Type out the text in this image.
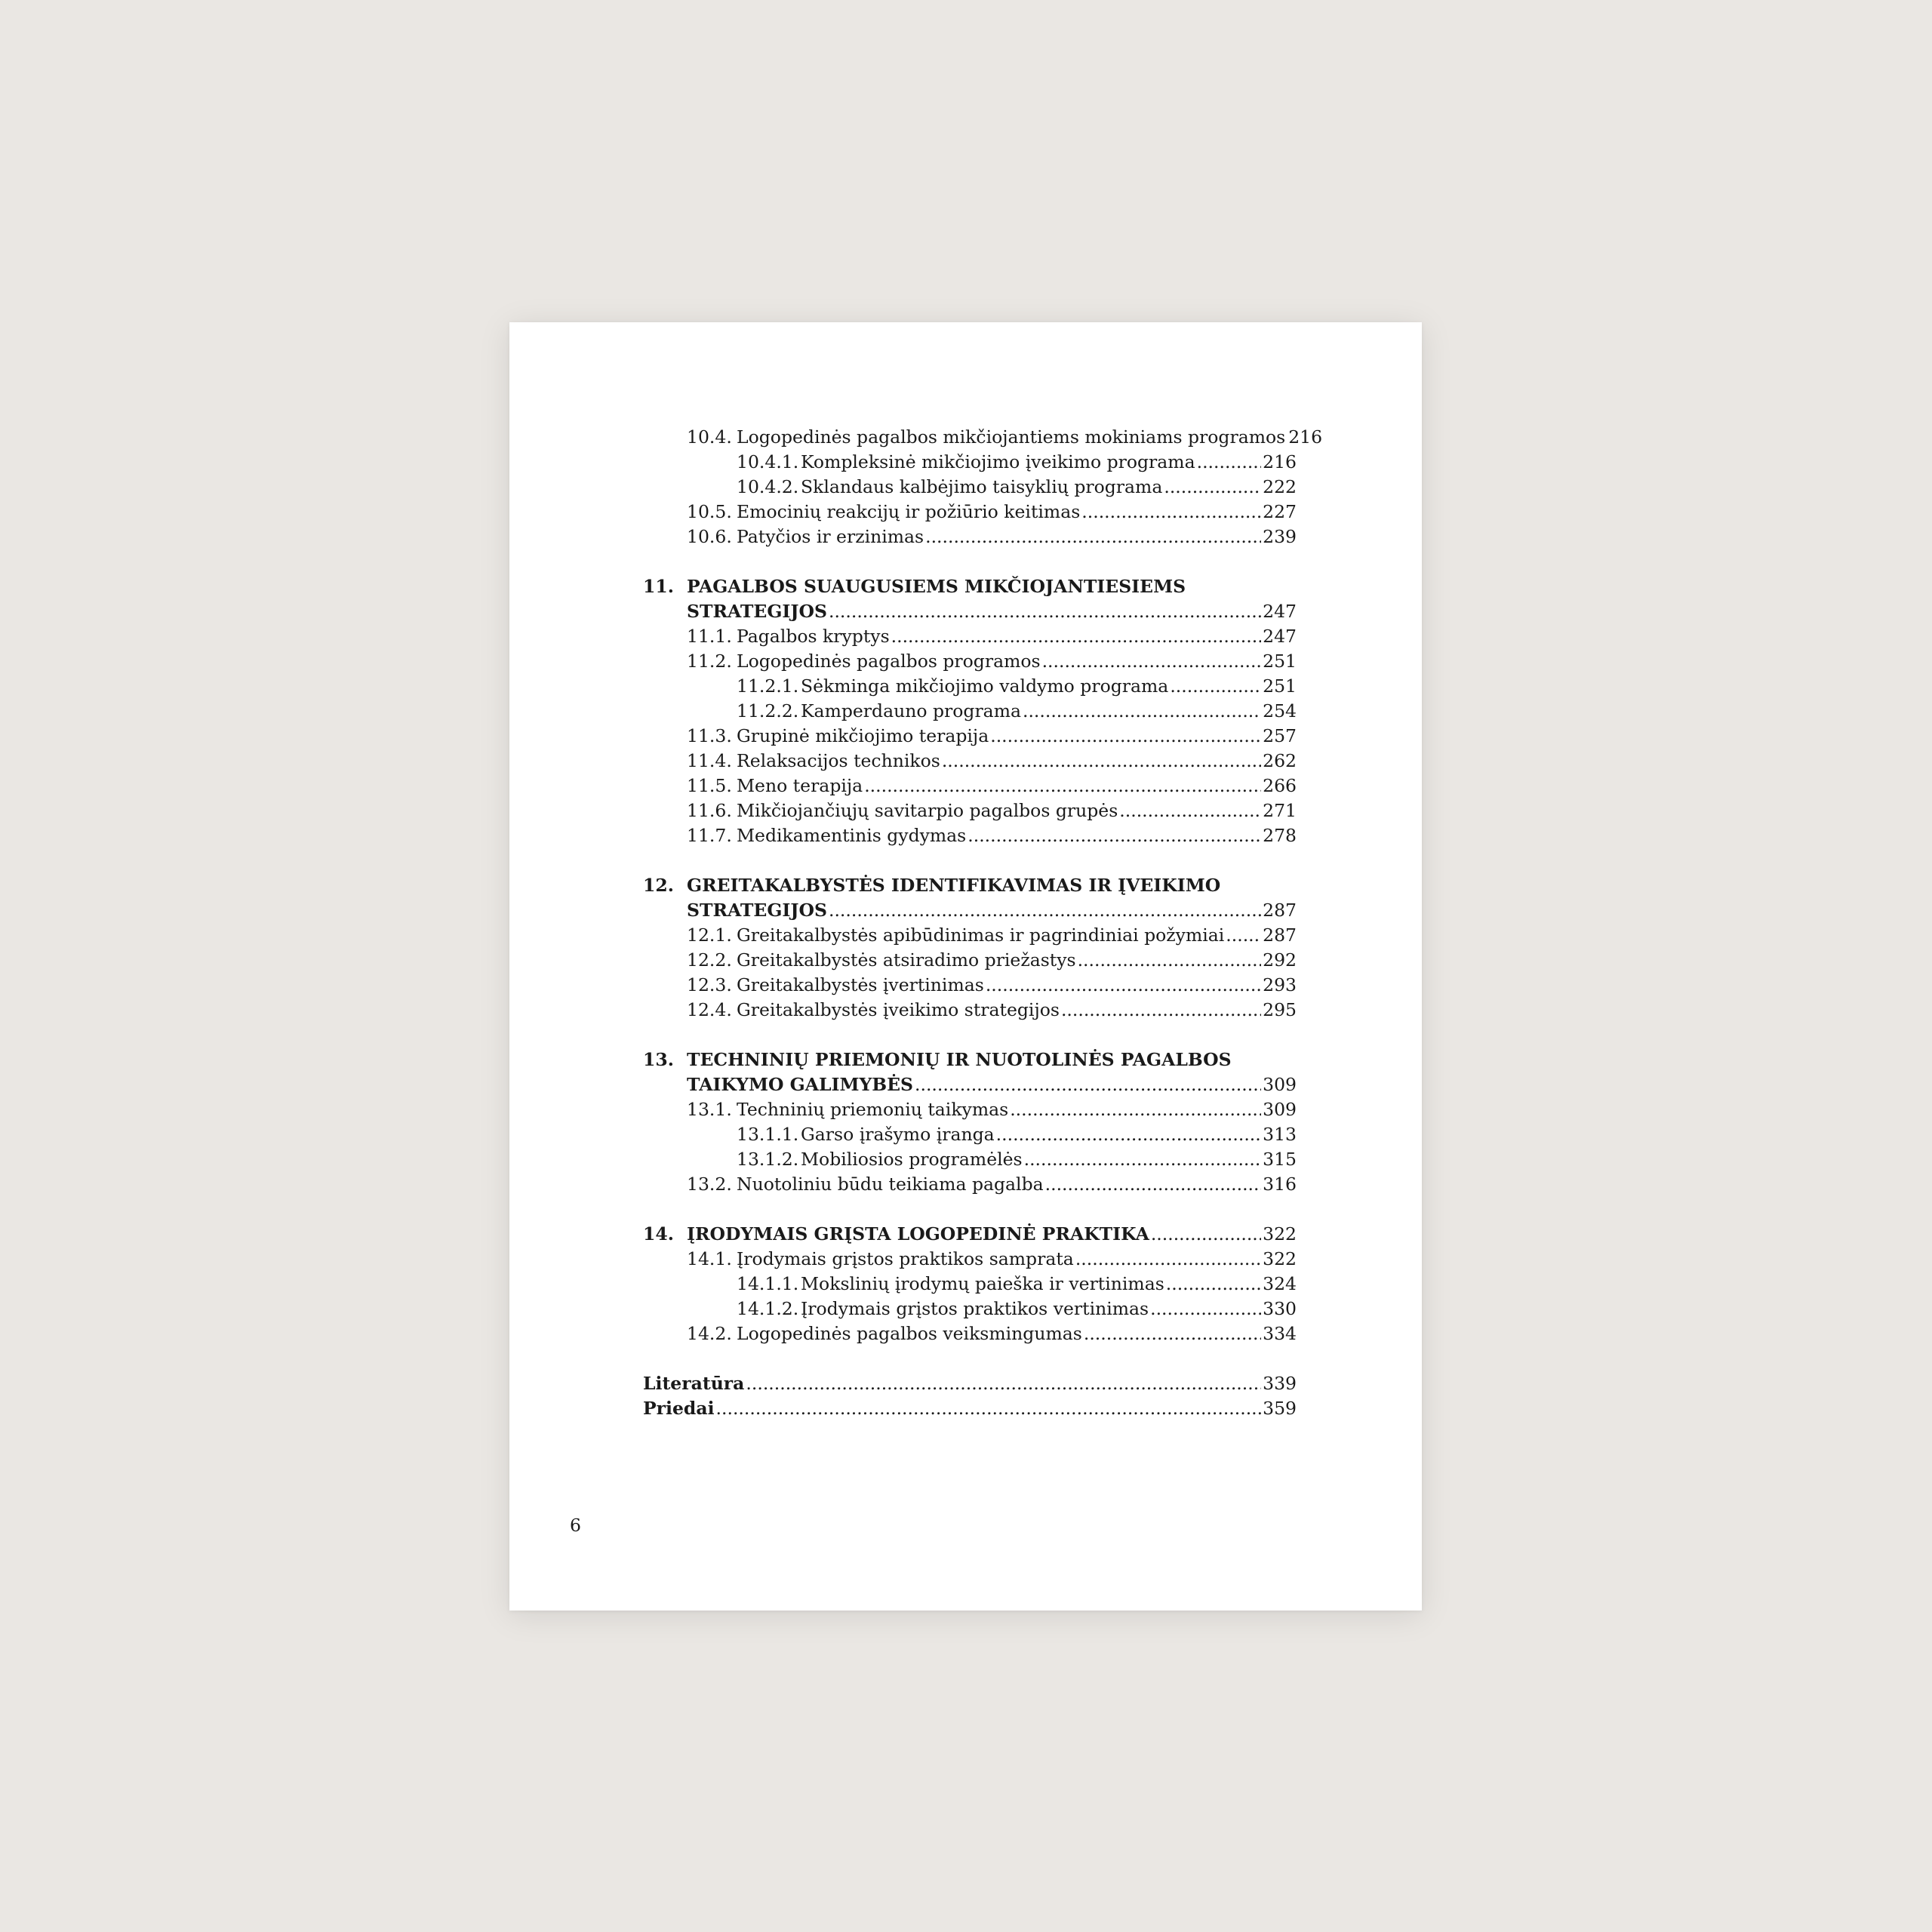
10.4. Logopedinės pagalbos mikčiojantiems mokiniams programos 216
10.4.1. Kompleksinė mikčiojimo įveikimo programa .....	216
10.4.2. Sklandaus kalbėjimo taisyklių programa .....	222
10.5. Emocinių reakcijų ir požiūrio keitimas .....	227
10.6. Patyčios ir erzinimas .....	239
11. PAGALBOS SUAUGUSIEMS MIKČIOJANTIESIEMS
STRATEGIJOS .....	247
11.1. Pagalbos kryptys .....	247
11.2. Logopedinės pagalbos programos .....	251
11.2.1. Sėkminga mikčiojimo valdymo programa .....	251
11.2.2. Kamperdauno programa .....	254
11.3. Grupinė mikčiojimo terapija .....	257
11.4. Relaksacijos technikos .....	262
11.5. Meno terapija .....	266
11.6. Mikčiojančiųjų savitarpio pagalbos grupės .....	271
11.7. Medikamentinis gydymas .....	278
12. GREITAKALBYSTĖS IDENTIFIKAVIMAS IR ĮVEIKIMO
STRATEGIJOS .....	287
12.1. Greitakalbystės apibūdinimas ir pagrindiniai požymiai ..... 287
12.2. Greitakalbystės atsiradimo priežastys .....	292
12.3. Greitakalbystės įvertinimas .....	293
12.4. Greitakalbystės įveikimo strategijos .....	295
13. TECHNINIŲ PRIEMONIŲ IR NUOTOLINĖS PAGALBOS
TAIKYMO GALIMYBĖS .....	309
13.1. Techninių priemonių taikymas .....	309
13.1.1. Garso įrašymo įranga .....	313
13.1.2. Mobiliosios programėlės .....	315
13.2. Nuotoliniu būdu teikiama pagalba .....	316
14. ĮRODYMAIS GRĮSTA LOGOPEDINĖ PRAKTIKA .....	322
14.1. Įrodymais grįstos praktikos samprata .....	322
14.1.1. Mokslinių įrodymų paieška ir vertinimas .....	324
14.1.2. Įrodymais grįstos praktikos vertinimas .....	330
14.2. Logopedinės pagalbos veiksmingumas .....	334
Literatūra .....	339
Priedai .....	359
6
